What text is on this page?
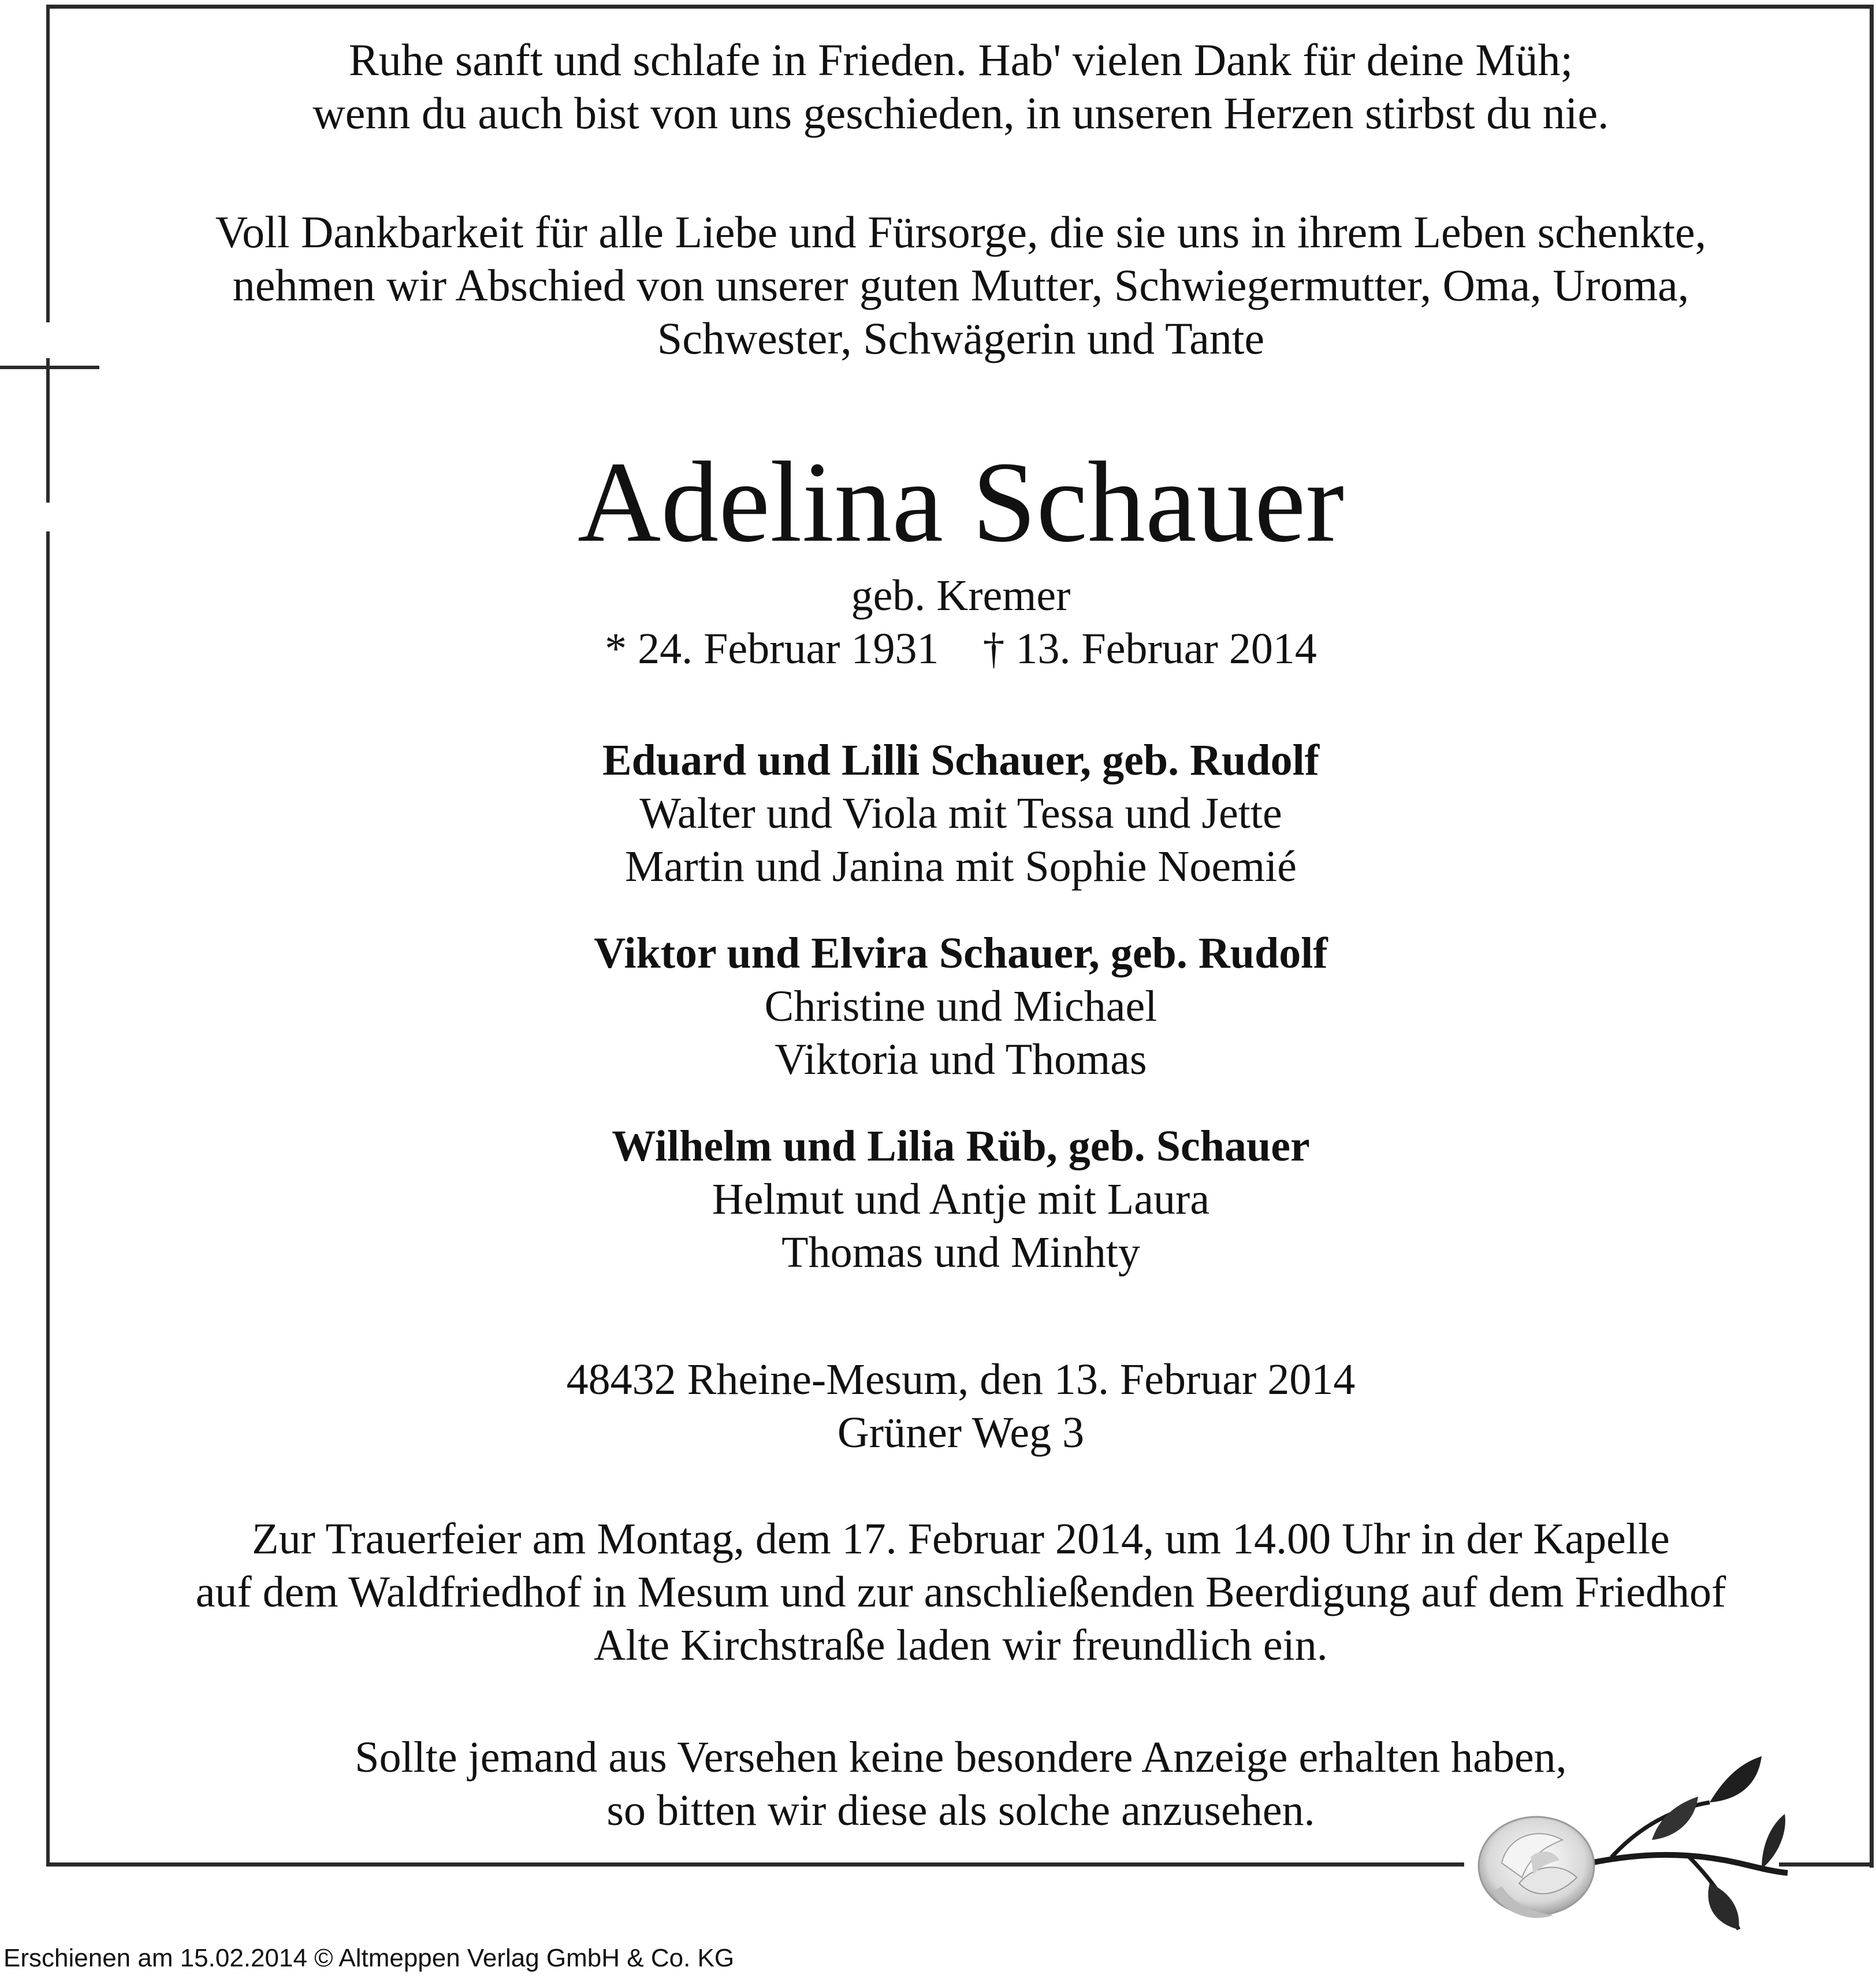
Ruhe sanft und schlafe in Frieden. Hab' vielen Dank für deine Müh;
wenn du auch bist von uns geschieden, in unseren Herzen stirbst du nie.
Voll Dankbarkeit für alle Liebe und Fürsorge, die sie uns in ihrem Leben schenkte,
nehmen wir Abschied von unserer guten Mutter, Schwiegermutter, Oma, Uroma,
Schwester, Schwägerin und Tante
Adelina Schauer
geb. Kremer
* 24. Februar 1931 † 13. Februar 2014
Eduard und Lilli Schauer, geb. Rudolf
Walter und Viola mit Tessa und Jette
Martin und Janina mit Sophie Noemié
Viktor und Elvira Schauer, geb. Rudolf
Christine und Michael
Viktoria und Thomas
Wilhelm und Lilia Rüb, geb. Schauer
Helmut und Antje mit Laura
Thomas und Minhty
48432 Rheine-Mesum, den 13. Februar 2014
Grüner Weg 3
Zur Trauerfeier am Montag, dem 17. Februar 2014, um 14.00 Uhr in der Kapelle
auf dem Waldfriedhof in Mesum und zur anschließenden Beerdigung auf dem Friedhof
Alte Kirchstraße laden wir freundlich ein.
Sollte jemand aus Versehen keine besondere Anzeige erhalten haben,
so bitten wir diese als solche anzusehen.
Erschienen am 15.02.2014 © Altmeppen Verlag GmbH & Co. KG
